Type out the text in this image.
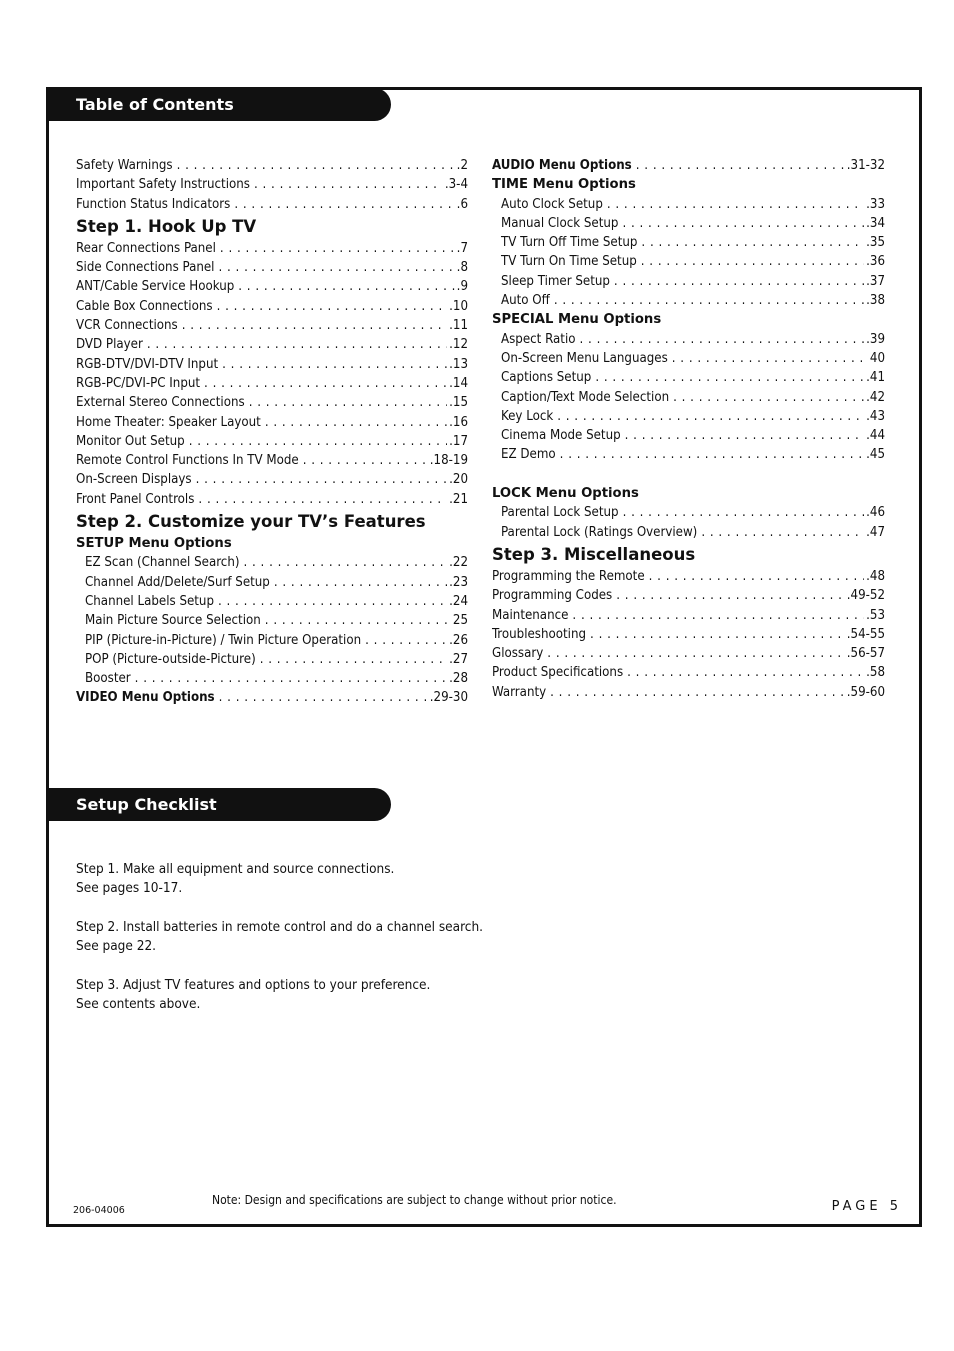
Table of Contents
Safety Warnings . . .	.2
Important Safety Instructions . . .	.3-4
Function Status Indicators . . .	.6
Step 1. Hook Up TV
Rear Connections Panel . . .	.7
Side Connections Panel . . .	.8
ANT/Cable Service Hookup . . .	.9
Cable Box Connections . . .	.10
VCR Connections . . .	.11
DVD Player . . .	.12
RGB-DTV/DVI-DTV Input . . .	.13
RGB-PC/DVI-PC Input . . .	.14
External Stereo Connections . . .	.15
Home Theater: Speaker Layout . . .	.16
Monitor Out Setup . . .	.17
Remote Control Functions In TV Mode . . .	.18-19
On-Screen Displays . . .	.20
Front Panel Controls . . .	.21
Step 2. Customize your TV’s Features
SETUP Menu Options
EZ Scan (Channel Search) . . .	.22
Channel Add/Delete/Surf Setup . . .	.23
Channel Labels Setup . . .	.24
Main Picture Source Selection . . .	25
PIP (Picture-in-Picture) / Twin Picture Operation . . .	.26
POP (Picture-outside-Picture) . . .	.27
Booster . . .	.28
VIDEO Menu Options . . .	.29-30
AUDIO Menu Options . . .	.31-32
TIME Menu Options
Auto Clock Setup . . .	.33
Manual Clock Setup . . .	.34
TV Turn Off Time Setup . . .	.35
TV Turn On Time Setup . . .	.36
Sleep Timer Setup . . .	.37
Auto Off . . .	.38
SPECIAL Menu Options
Aspect Ratio . . .	.39
On-Screen Menu Languages . . .	40
Captions Setup . . .	.41
Caption/Text Mode Selection . . .	.42
Key Lock . . .	.43
Cinema Mode Setup . . .	.44
EZ Demo . . .	.45
LOCK Menu Options
Parental Lock Setup . . .	.46
Parental Lock (Ratings Overview) . . .	.47
Step 3. Miscellaneous
Programming the Remote . . .	.48
Programming Codes . . .	.49-52
Maintenance . . .	.53
Troubleshooting . . .	.54-55
Glossary . . .	.56-57
Product Specifications . . .	.58
Warranty . . .	.59-60
Setup Checklist

Step 1. Make all equipment and source connections.
See pages 10-17.

Step 2. Install batteries in remote control and do a channel search.
See page 22.

Step 3. Adjust TV features and options to your preference.
See contents above.

206-04006
Note: Design and specifications are subject to change without prior notice.	PAGE 5
